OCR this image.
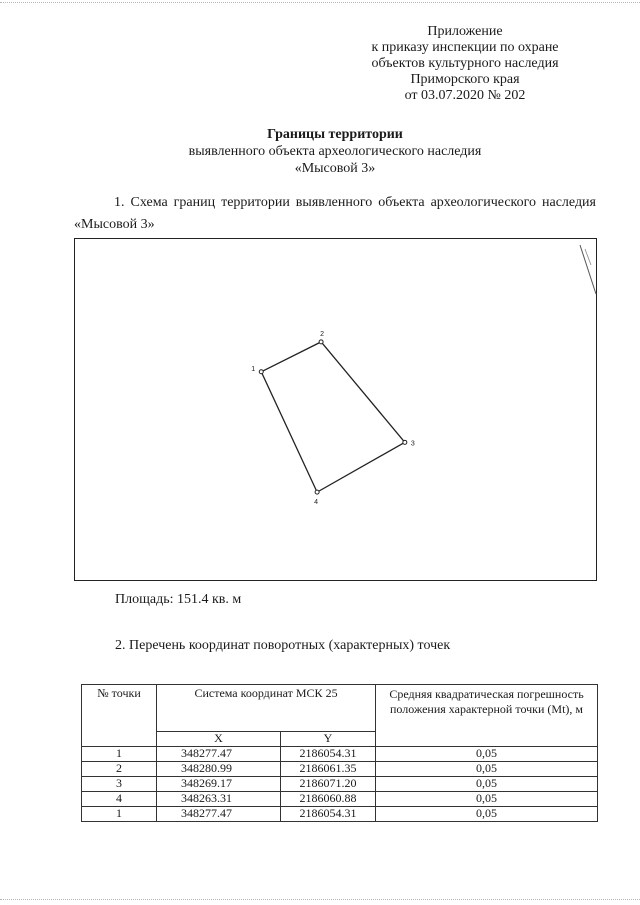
Приложение
к приказу инспекции по охране
объектов культурного наследия
Приморского края
от 03.07.2020 № 202
Границы территории
выявленного объекта археологического наследия
«Мысовой 3»
1. Схема границ территории выявленного объекта археологического наследия «Мысовой 3»
1
2
3
4
Площадь: 151.4 кв. м
2. Перечень координат поворотных (характерных) точек
№ точки	Система координат МСК 25		Средняя квадратическая погрешность положения характерной точки (Mt), м
	X	Y	
1	348277.47	2186054.31	0,05
2	348280.99	2186061.35	0,05
3	348269.17	2186071.20	0,05
4	348263.31	2186060.88	0,05
1	348277.47	2186054.31	0,05
